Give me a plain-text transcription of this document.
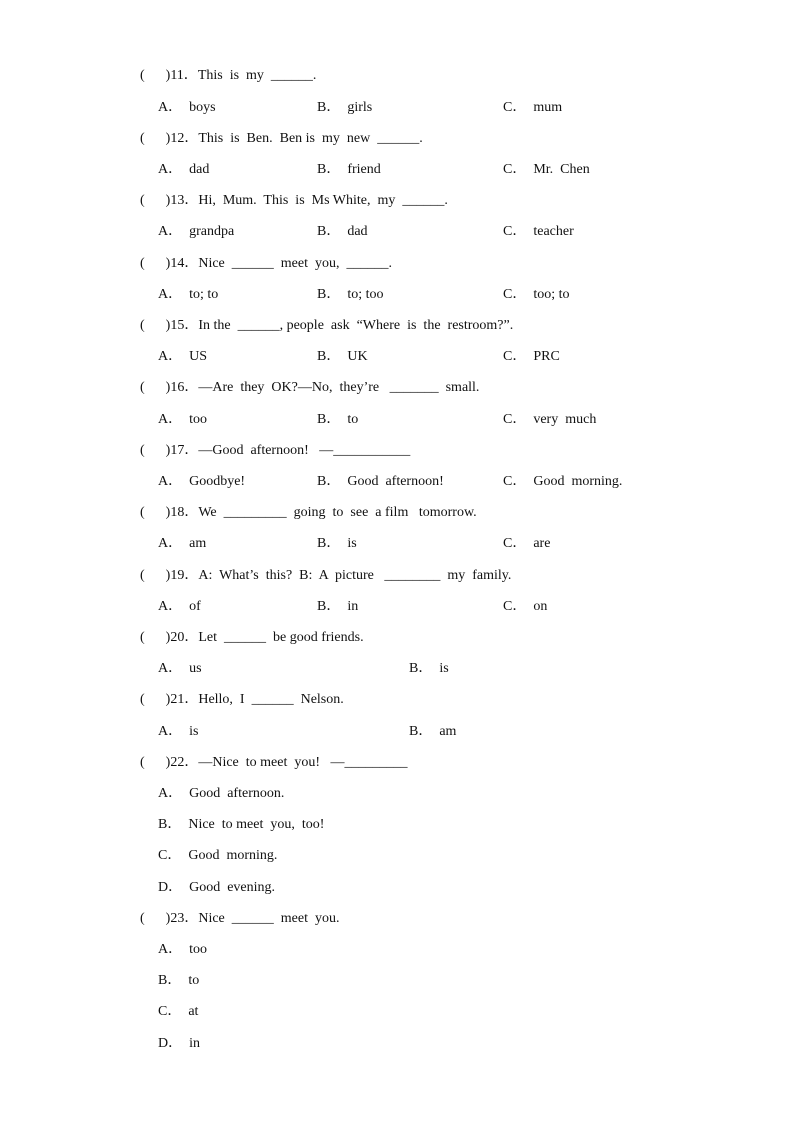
(      )11．This  is  my  ______.
A．  boys	B．  girls	C．  mum
(      )12．This  is  Ben.  Ben is  my  new  ______.
A．  dad	B．  friend	C．  Mr.  Chen
(      )13．Hi,  Mum.  This  is  Ms White,  my  ______.
A．  grandpa	B．  dad	C．  teacher
(      )14．Nice  ______  meet  you,  ______.
A．  to; to	B．  to; too	C．  too; to
(      )15．In the  ______, people  ask  “Where  is  the  restroom?”.
A．  US	B．  UK	C．  PRC
(      )16．—Are  they  OK?—No,  they’re   _______  small.
A．  too	B．  to	C．  very  much
(      )17．—Good  afternoon!   —___________
A．  Goodbye!	B．  Good  afternoon!	C．  Good  morning.
(      )18．We  _________  going  to  see  a film   tomorrow.
A．  am	B．  is	C．  are
(      )19．A:  What’s  this?  B:  A  picture   ________  my  family.
A．  of	B．  in	C．  on
(      )20．Let  ______  be good friends.
A．  us	B．  is
(      )21．Hello,  I  ______  Nelson.
A．  is	B．  am
(      )22．—Nice  to meet  you!   —_________
A．  Good  afternoon.
B．  Nice  to meet  you,  too!
C．  Good  morning.
D．  Good  evening.
(      )23．Nice  ______  meet  you.
A．  too
B．  to
C．  at
D．  in
